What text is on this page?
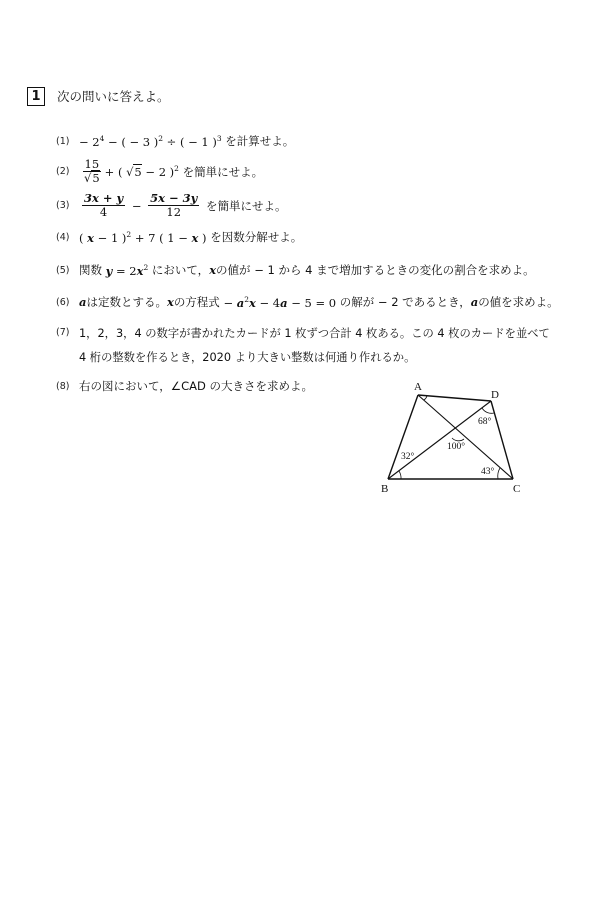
1	次の問いに答えよ。
$(1) - 2^4$ − ( − 3 )$^2$ ÷ ( − 1 )$^3$ を計算せよ。
(2)	$\frac{15}{√5}$ + ( √5 − 2 )$^2$ を簡単にせよ。
(3)	$\frac{3x + y}{4} - \frac{5x - 3y}{12}$
を簡単にせよ。
(4) ( x − 1 )$^2$ + 7 ( 1 − x ) を因数分解せよ。
(5) 関数 $y = 2x^2$ において， x の値が − 1 から 4 まで増加するときの変化の割合を求めよ。
(6) a は定数とする。 x の方程式 − $a^2x - 4a - 5 = 0$ の解が − 2 であるとき， a の値を求めよ。
(7) 1，2，3，4 の数字が書かれたカードが 1 枚ずつ合計 4 枚ある。この 4 枚のカードを並べて
4 桁の整数を作るとき，2020 より大きい整数は何通り作れるか。
(8) 右の図において，∠CAD の大きさを求めよ。	A
D
B	C
68°
100°
32°
43°
